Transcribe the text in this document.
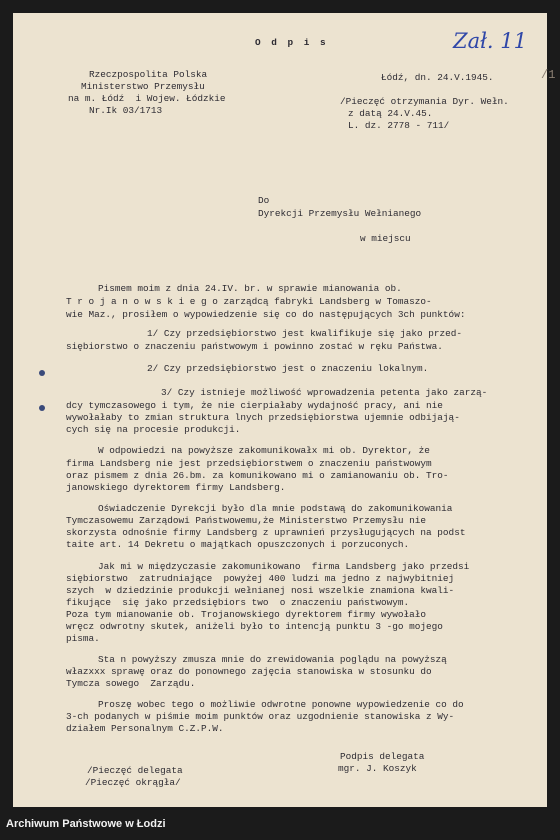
Zał. 11
/1
O d p i s
Rzeczpospolita Polska
Ministerstwo Przemysłu
na m. Łódź  i Wojew. Łódzkie
Nr.Ik 03/1713
Łódź, dn. 24.V.1945.
/Pieczęć otrzymania Dyr. Wełn.
z datą 24.V.45.
L. dz. 2778 - 711/
Do
Dyrekcji Przemysłu Wełnianego
w miejscu
Pismem moim z dnia 24.IV. br. w sprawie mianowania ob.
T r o j a n o w s k i e g o zarządcą fabryki Landsberg w Tomaszo-
wie Maz., prosiłem o wypowiedzenie się co do następujących 3ch punktów:
1/ Czy przedsiębiorstwo jest kwalifikuje się jako przed-
siębiorstwo o znaczeniu państwowym i powinno zostać w ręku Państwa.
2/ Czy przedsiębiorstwo jest o znaczeniu lokalnym.
3/ Czy istnieje możliwość wprowadzenia petenta jako zarzą-
dcy tymczasowego i tym, że nie cierpiałaby wydajność pracy, ani nie
wywołałaby to zmian struktura lnych przedsiębiorstwa ujemnie odbijają-
cych się na procesie produkcji.
W odpowiedzi na powyższe zakomunikowałx mi ob. Dyrektor, że
firma Landsberg nie jest przedsiębiorstwem o znaczeniu państwowym
oraz pismem z dnia 26.bm. za komunikowano mi o zamianowaniu ob. Tro-
janowskiego dyrektorem firmy Landsberg.
Oświadczenie Dyrekcji było dla mnie podstawą do zakomunikowania
Tymczasowemu Zarządowi Państwowemu,że Ministerstwo Przemysłu nie
skorzysta odnośnie firmy Landsberg z uprawnień przysługujących na podst
taite art. 14 Dekretu o majątkach opuszczonych i porzuconych.
Jak mi w międzyczasie zakomunikowano  firma Landsberg jako przedsi
siębiorstwo  zatrudniające  powyżej 400 ludzi ma jedno z najwybitniej
szych  w dziedzinie produkcji wełnianej nosi wszelkie znamiona kwali-
fikujące  się jako przedsiębiors two  o znaczeniu państwowym.
Poza tym mianowanie ob. Trojanowskiego dyrektorem firmy wywołało
wręcz odwrotny skutek, aniżeli było to intencją punktu 3 -go mojego
pisma.
Sta n powyższy zmusza mnie do zrewidowania poglądu na powyższą
włazxxx sprawę oraz do ponownego zajęcia stanowiska w stosunku do
Tymcza sowego  Zarządu.
Proszę wobec tego o możliwie odwrotne ponowne wypowiedzenie co do
3-ch podanych w piśmie moim punktów oraz uzgodnienie stanowiska z Wy-
działem Personalnym C.Z.P.W.
Podpis delegata
mgr. J. Koszyk
/Pieczęć delegata
/Pieczęć okrągła/
Archiwum Państwowe w Łodzi
